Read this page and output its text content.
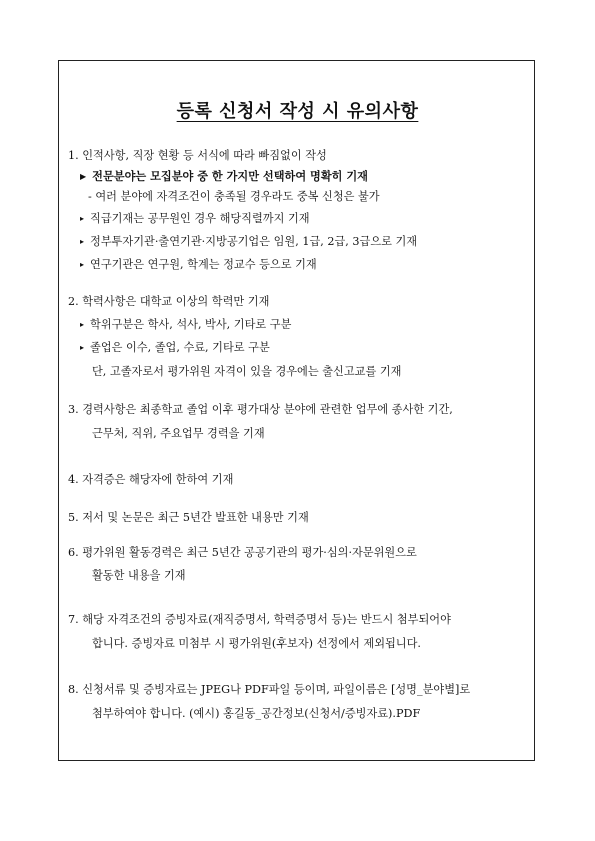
등록 신청서 작성 시 유의사항
1. 인적사항, 직장 현황 등 서식에 따라 빠짐없이 작성
▶ 전문분야는 모집분야 중 한 가지만 선택하여 명확히 기재
- 여러 분야에 자격조건이 충족될 경우라도 중복 신청은 불가
▸ 직급기재는 공무원인 경우 해당직렬까지 기재
▸ 정부투자기관·출연기관·지방공기업은 임원, 1급, 2급, 3급으로 기재
▸ 연구기관은 연구원, 학계는 정교수 등으로 기재
2. 학력사항은 대학교 이상의 학력만 기재
▸ 학위구분은 학사, 석사, 박사, 기타로 구분
▸ 졸업은 이수, 졸업, 수료, 기타로 구분
단, 고졸자로서 평가위원 자격이 있을 경우에는 출신고교를 기재
3. 경력사항은 최종학교 졸업 이후 평가대상 분야에 관련한 업무에 종사한 기간,
근무처, 직위, 주요업무 경력을 기재
4. 자격증은 해당자에 한하여 기재
5. 저서 및 논문은 최근 5년간 발표한 내용만 기재
6. 평가위원 활동경력은 최근 5년간 공공기관의 평가·심의·자문위원으로
활동한 내용을 기재
7. 해당 자격조건의 증빙자료(재직증명서, 학력증명서 등)는 반드시 첨부되어야
합니다. 증빙자료 미첨부 시 평가위원(후보자) 선정에서 제외됩니다.
8. 신청서류 및 증빙자료는 JPEG나 PDF파일 등이며, 파일이름은 [성명_분야별]로
첨부하여야 합니다. (예시) 홍길동_공간정보(신청서/증빙자료).PDF
